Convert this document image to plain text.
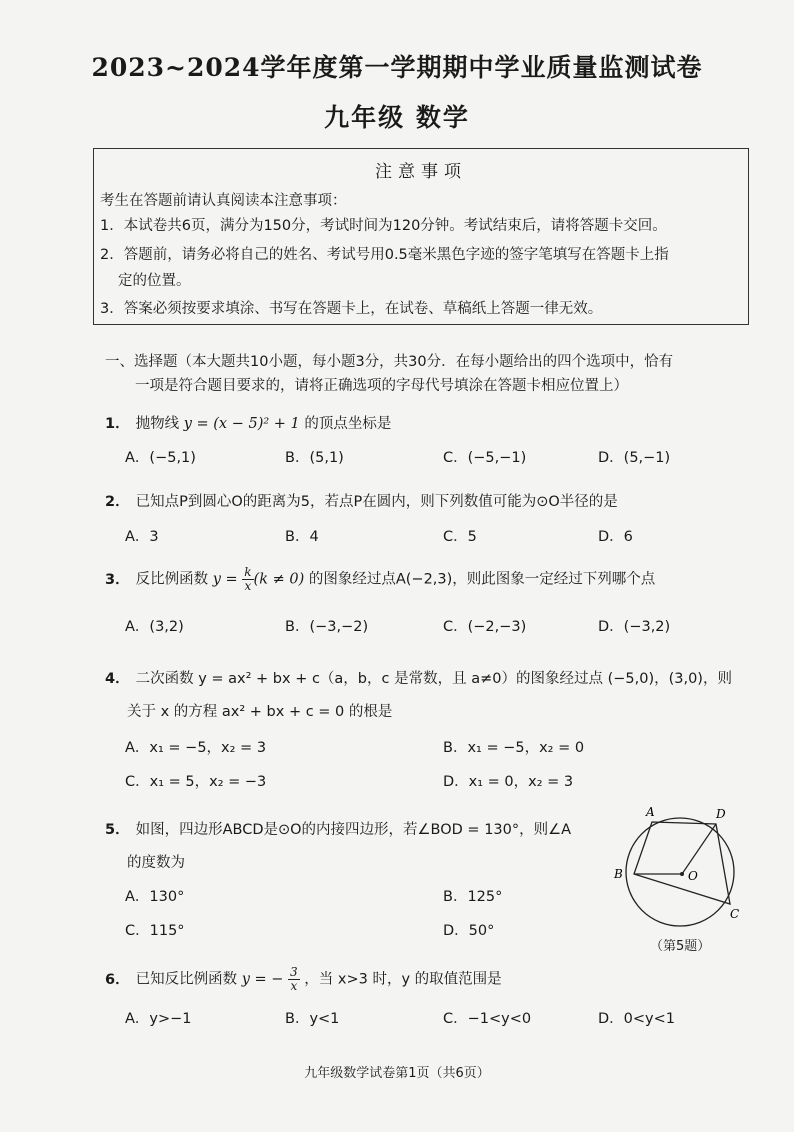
2023~2024学年度第一学期期中学业质量监测试卷
九年级 数学
注意事项
考生在答题前请认真阅读本注意事项：
1．本试卷共6页，满分为150分，考试时间为120分钟。考试结束后，请将答题卡交回。
2．答题前，请务必将自己的姓名、考试号用0.5毫米黑色字迹的签字笔填写在答题卡上指
定的位置。
3．答案必须按要求填涂、书写在答题卡上，在试卷、草稿纸上答题一律无效。
一、选择题（本大题共10小题，每小题3分，共30分．在每小题给出的四个选项中，恰有
一项是符合题目要求的，请将正确选项的字母代号填涂在答题卡相应位置上）
1． 抛物线 y = (x − 5)² + 1 的顶点坐标是
A．(−5,1)	B．(5,1)	C．(−5,−1)	D．(5,−1)
2． 已知点P到圆心O的距离为5，若点P在圆内，则下列数值可能为⊙O半径的是
A．3	B．4	C．5	D．6
3． 反比例函数 $y = \frac{k}{x} (k \ne 0)$ 的图象经过点A(−2,3)，则此图象一定经过下列哪个点
A．(3,2)	B．(−3,−2)	C．(−2,−3)	D．(−3,2)
4． 二次函数 y = ax² + bx + c（a，b，c 是常数，且 a≠0）的图象经过点 (−5,0)，(3,0)，则
关于 x 的方程 ax² + bx + c = 0 的根是
A．x₁ = −5，x₂ = 3	B．x₁ = −5，x₂ = 0
C．x₁ = 5，x₂ = −3	D．x₁ = 0，x₂ = 3
5． 如图，四边形ABCD是⊙O的内接四边形，若∠BOD = 130°，则∠A
的度数为
A．130°	B．125°
C．115°	D．50°
A
B
C
D
O
（第5题）
6． 已知反比例函数 y = − $\frac{3}{x}$ ，当 x>3 时，y 的取值范围是
A．y>−1	B．y<1	C．−1<y<0	D．0<y<1
九年级数学试卷第1页（共6页）
